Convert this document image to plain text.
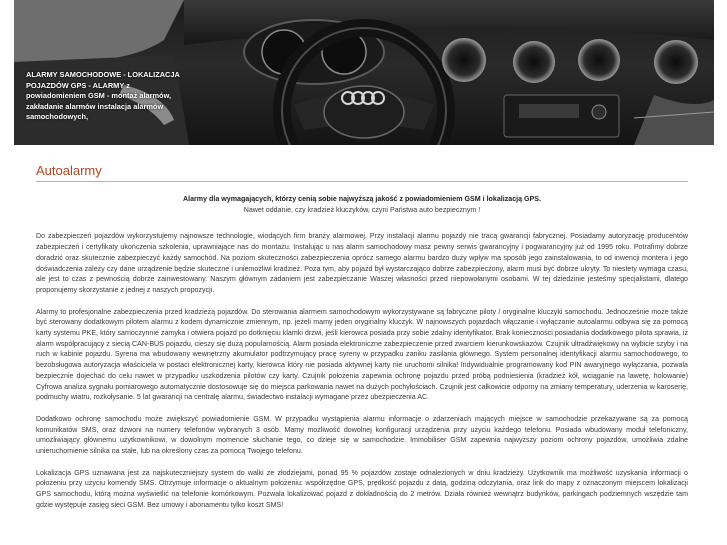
ALARMY SAMOCHODOWE - LOKALIZACJA POJAZDÓW GPS - ALARMY z powiadomieniem GSM - montaż alarmów, zakładanie alarmów instalacja alarmów samochodowych,
Autoalarmy
Alarmy dla wymagających, którzy cenią sobie najwyższą jakość z powiadomieniem GSM i lokalizacją GPS.
Nawet oddanie, czy kradzież kluczyków, czyni Państwa auto bezpiecznym !

Do zabezpieczeń pojazdów wykorzystujemy najnowsze technologie, wiodących firm branży alarmowej. Przy instalacji alarmu pojazdy nie tracą gwarancji fabrycznej. Posiadamy autoryzację producentów zabezpieczeń i certyfikaty ukończenia szkolenia, uprawniające nas do montażu. Instalując u nas alarm samochodowy masz pewny serwis gwarancyjny i pogwarancyjny już od 1995 roku. Potrafimy dobrze doradzić oraz skutecznie zabezpieczyć każdy samochód. Na poziom skuteczności zabezpieczenia oprócz samego alarmu bardzo duży wpływ ma sposób jego zainstalowania, to od inwencji montera i jego doświadczenia zależy czy dane urządzenie będzie skuteczne i uniemożliwi kradzież. Poza tym, aby pojazd był wystarczająco dobrze zabezpieczony, alarm musi być dobrze ukryty. To niestety wymaga czasu, ale jest to czas z pewnością dobrze zainwestowany. Naszym głównym zadaniem jest zabezpieczanie Waszej własności przed niepowołanymi osobami. W tej dziedzinie jesteśmy specjalistami, dlatego proponujemy skorzystanie z jednej z naszych propozycji.

Alarmy to profesjonalne zabezpieczenia przed kradzieżą pojazdów. Do sterowania alarmem samochodowym wykorzystywane są fabryczne piloty / oryginalne kluczyki samochodu. Jednocześnie może także być sterowany dodatkowym pilotem alarmu z kodem dynamicznie zmiennym, np. jeżeli mamy jeden oryginalny kluczyk. W najnowszych pojazdach włączanie i wyłączanie autoalarmu odbywa się za pomocą karty systemu PKE, który samoczynnie zamyka i otwiera pojazd po dotknięciu klamki drzwi, jeśli kierowca posiada przy sobie zdalny identyfikator. Brak konieczności posiadania dodatkowego pilota sprawia, iż alarm współpracujący z siecią CAN-BUS pojazdu, cieszy się dużą popularnością. Alarm posiada elektroniczne zabezpieczenie przed zwarciem kierunkowskazów. Czujnik ultradźwiękowy na wybicie szyby i na ruch w kabinie pojazdu. Syrena ma wbudowany wewnętrzny akumulator podtrzymujący pracę syreny w przypadku zaniku zasilania głównego. System personalnej identyfikacji alarmu samochodowego, to bezobsługowa autoryzacja właściciela w postaci elektronicznej karty, kierowca który nie posiada aktywnej karty nie uruchomi silnika! Indywidualnie programowany kod PIN awaryjnego wyłączania, pozwala bezpiecznie dojechać do celu nawet w przypadku uszkodzenia pilotów czy karty. Czujnik położenia zapewnia ochronę pojazdu przed próbą podniesienia (kradzież kół, wciąganie na lawetę, holowanie) Cyfrowa analiza sygnału pomiarowego automatycznie dostosowuje się do miejsca parkowania nawet na dużych pochyłościach. Czujnik jest całkowicie odporny na zmiany temperatury, uderzenia w karoserię, podmuchy wiatru, rozkołysanie. 5 lat gwarancji na centralę alarmu, świadectwo instalacji wymagane przez ubezpieczenia AC.

Dodatkowo ochronę samochodu może zwiększyć powiadomienie GSM. W przypadku wystąpienia alarmu informacje o zdarzeniach mających miejsce w samochodzie przekazywane są za pomocą komunikatów SMS, oraz dzwoni na numery telefonów wybranych 3 osób. Mamy możliwość dowolnej konfiguracji urządzenia przy użyciu każdego telefonu. Posiada wbudowany moduł telefoniczny, umożliwiający głównemu użytkownikowi, w dowolnym momencie słuchanie tego, co dzieje się w samochodzie. Immobiliser GSM zapewnia najwyższy poziom ochrony pojazdów, umożliwia zdalne unieruchomienie silnika na stałe, lub na określony czas za pomocą Twojego telefonu.

Lokalizacja GPS uznawana jest za najskuteczniejszy system do walki ze złodziejami, ponad 95 % pojazdów zostaje odnalezionych w dniu kradzieży. Użytkownik ma możliwość uzyskania informacji o położeniu przy użyciu komendy SMS. Otrzymuje informacje o aktualnym położeniu: współrzędne GPS, prędkość pojazdu z datą, godziną odczytania, oraz link do mapy z oznaczonym miejscem lokalizacji GPS samochodu, którą można wyświetlić na telefonie komórkowym. Pozwala lokalizować pojazd z dokładnością do 2 metrów. Działa również wewnątrz budynków, parkingach podziemnych wszędzie tam gdzie występuje zasięg sieci GSM. Bez umowy i abonamentu tylko koszt SMS!
